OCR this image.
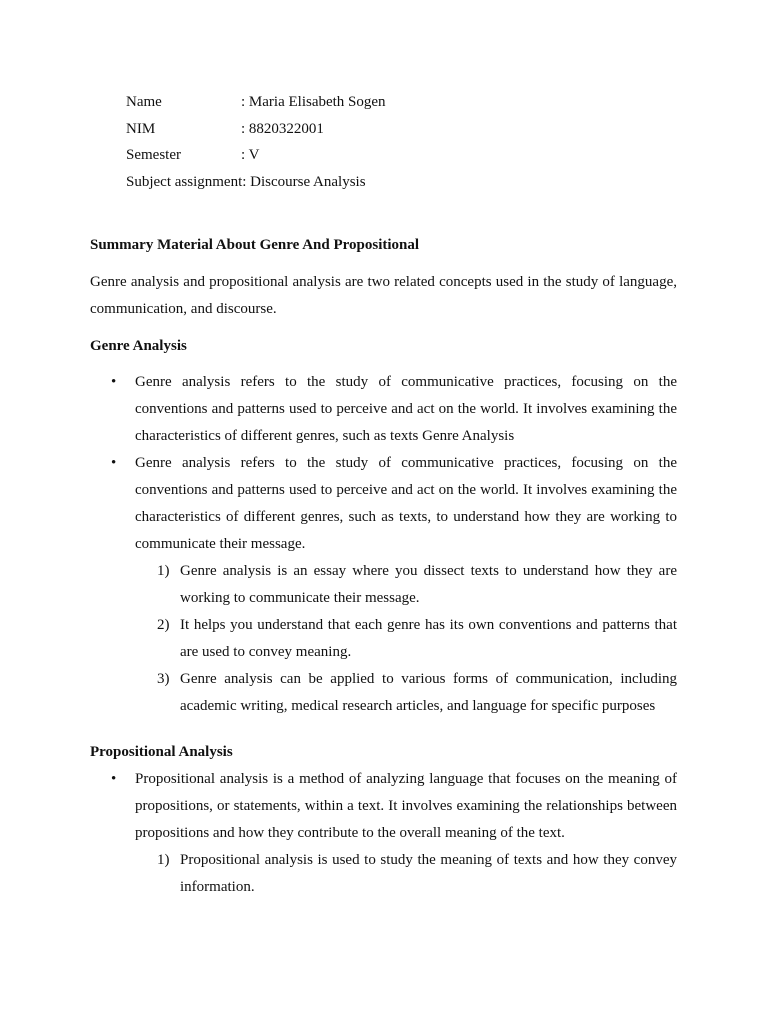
Name	: Maria Elisabeth Sogen
NIM	: 8820322001
Semester	: V
Subject assignment: Discourse Analysis

Summary Material About Genre And Propositional

Genre analysis and propositional analysis are two related concepts used in the study of language, communication, and discourse.

Genre Analysis

• Genre analysis refers to the study of communicative practices, focusing on the conventions and patterns used to perceive and act on the world. It involves examining the characteristics of different genres, such as texts Genre Analysis
• Genre analysis refers to the study of communicative practices, focusing on the conventions and patterns used to perceive and act on the world. It involves examining the characteristics of different genres, such as texts, to understand how they are working to communicate their message.
1) Genre analysis is an essay where you dissect texts to understand how they are working to communicate their message.
2) It helps you understand that each genre has its own conventions and patterns that are used to convey meaning.
3) Genre analysis can be applied to various forms of communication, including academic writing, medical research articles, and language for specific purposes

Propositional Analysis

• Propositional analysis is a method of analyzing language that focuses on the meaning of propositions, or statements, within a text. It involves examining the relationships between propositions and how they contribute to the overall meaning of the text.
1) Propositional analysis is used to study the meaning of texts and how they convey information.
